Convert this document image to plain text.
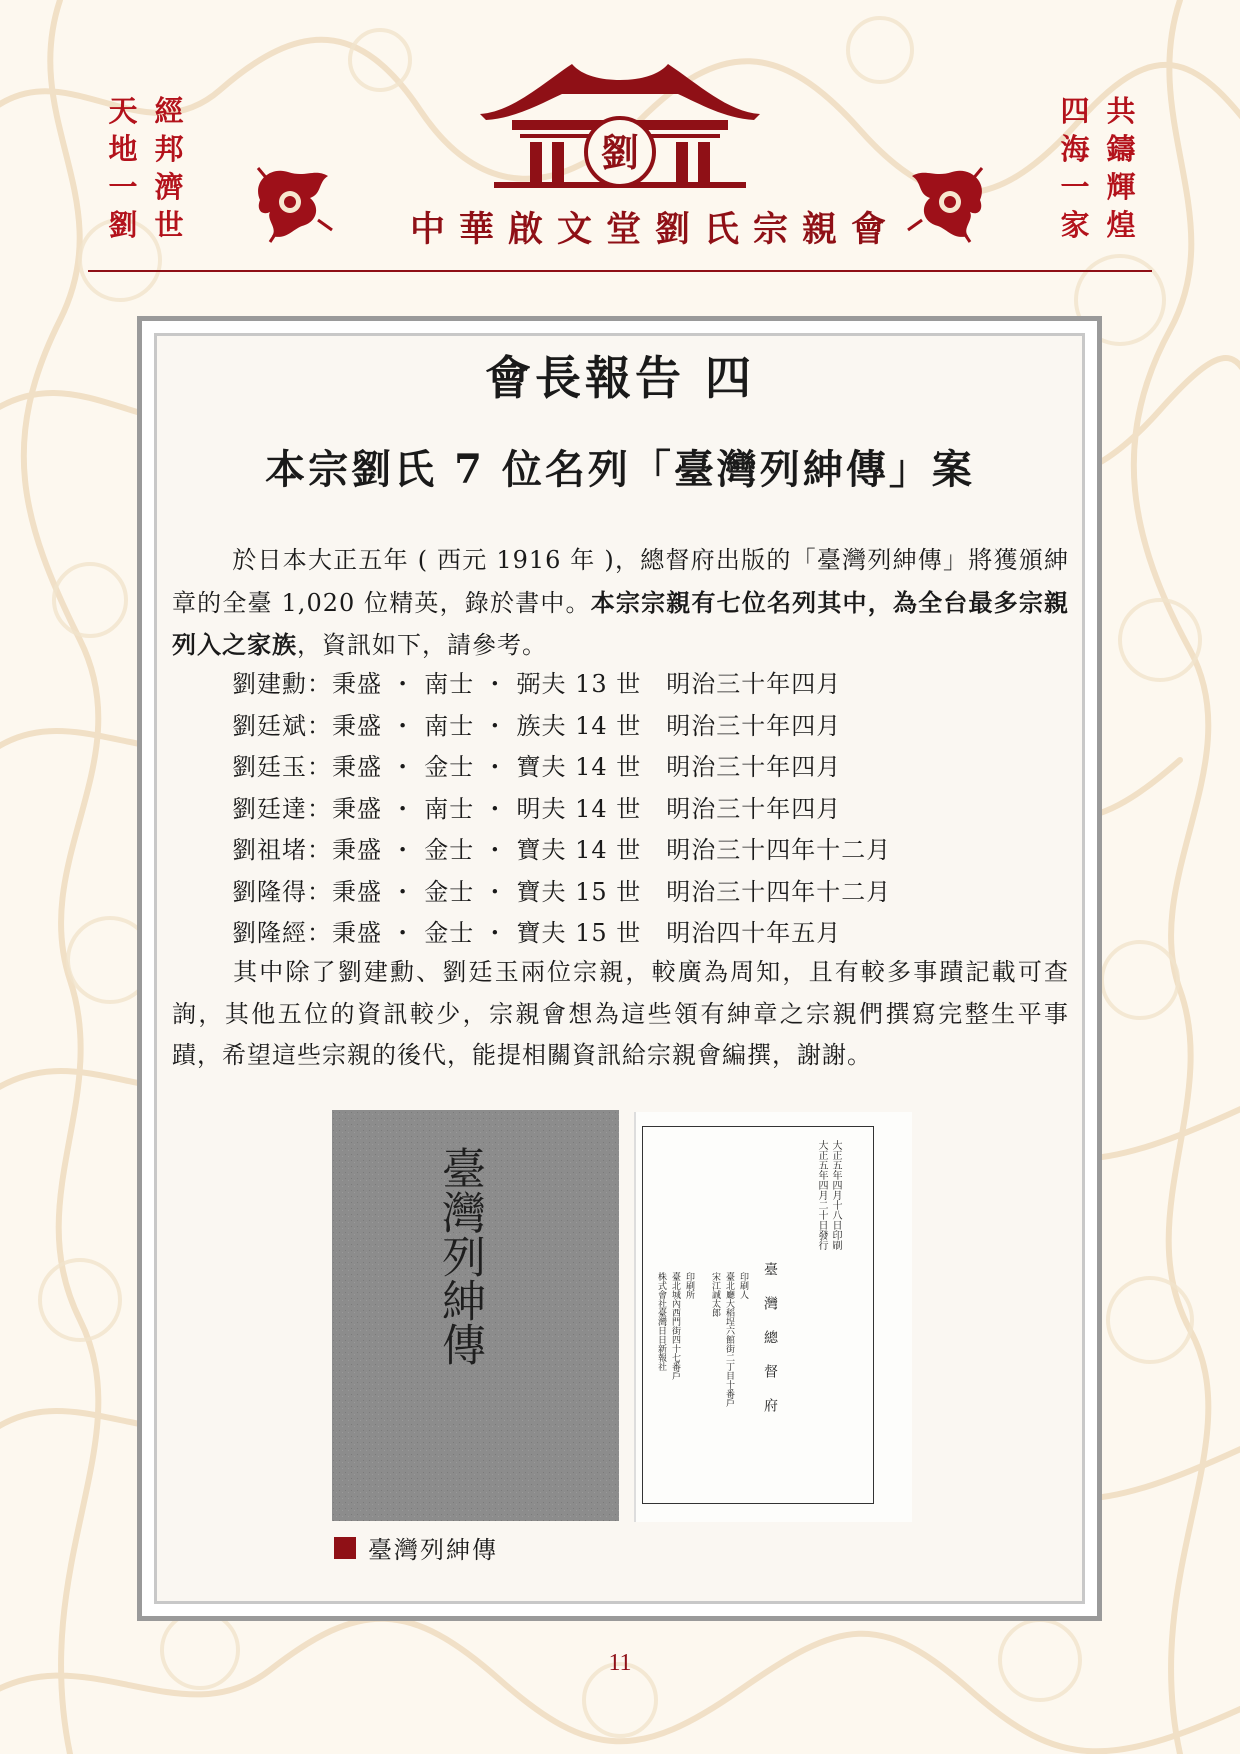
天
地
一
劉
經
邦
濟
世
四
海
一
家
共
鑄
輝
煌
劉
中華啟文堂劉氏宗親會
會長報告 四
本宗劉氏 7 位名列「臺灣列紳傳」案
於日本大正五年 ( 西元 1916 年 )，總督府出版的「臺灣列紳傳」將獲頒紳章的全臺 1,020 位精英，錄於書中。本宗宗親有七位名列其中，為全台最多宗親列入之家族，資訊如下，請參考。
劉建勳：秉盛 ・ 南士 ・ 弼夫 13 世　明治三十年四月
劉廷斌：秉盛 ・ 南士 ・ 族夫 14 世　明治三十年四月
劉廷玉：秉盛 ・ 金士 ・ 寶夫 14 世　明治三十年四月
劉廷達：秉盛 ・ 南士 ・ 明夫 14 世　明治三十年四月
劉祖堵：秉盛 ・ 金士 ・ 寶夫 14 世　明治三十四年十二月
劉隆得：秉盛 ・ 金士 ・ 寶夫 15 世　明治三十四年十二月
劉隆經：秉盛 ・ 金士 ・ 寶夫 15 世　明治四十年五月
其中除了劉建勳、劉廷玉兩位宗親，較廣為周知，且有較多事蹟記載可查詢，其他五位的資訊較少，宗親會想為這些領有紳章之宗親們撰寫完整生平事蹟，希望這些宗親的後代，能提相關資訊給宗親會編撰，謝謝。
臺灣列紳傳	大正五年四月十八日印刷
大正五年四月二十日發行
臺灣總督府
印刷人
臺北廳大稻埕六館街二丁目十番戶
宋江誠太郎
印刷所
臺北城內西門街四十七番戶
株式會社臺灣日日新報社
臺灣列紳傳
11
